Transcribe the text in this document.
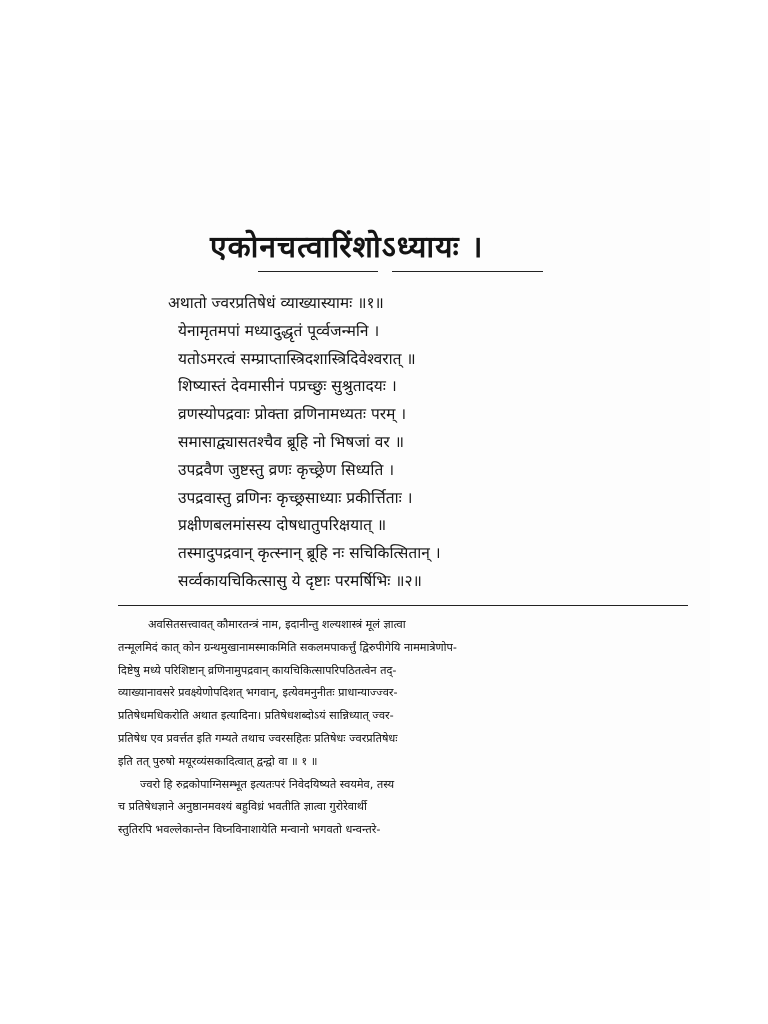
एकोनचत्वारिंशोऽध्यायः ।
अथातो ज्वरप्रतिषेधं व्याख्यास्यामः ॥१॥
येनामृतमपां मध्यादुद्धृतं पूर्व्वजन्मनि ।
यतोऽमरत्वं सम्प्राप्तास्त्रिदशास्त्रिदिवेश्वरात् ॥
शिष्यास्तं देवमासीनं पप्रच्छुः सुश्रुतादयः ।
व्रणस्योपद्रवाः प्रोक्ता व्रणिनामध्यतः परम् ।
समासाद्व्यासतश्चैव ब्रूहि नो भिषजां वर ॥
उपद्रवैण जुष्टस्तु व्रणः कृच्छ्रेण सिध्यति ।
उपद्रवास्तु व्रणिनः कृच्छ्रसाध्याः प्रकीर्त्तिताः ।
प्रक्षीणबलमांसस्य दोषधातुपरिक्षयात् ॥
तस्मादुपद्रवान् कृत्स्नान् ब्रूहि नः सचिकित्सितान् ।
सर्व्वकायचिकित्सासु ये दृष्टाः परमर्षिभिः ॥२॥
अवसितसत्त्वावत् कौमारतन्त्रं नाम, इदानीन्तु शल्यशास्त्रं मूलं ज्ञात्वा
तन्मूलमिदं कात् कोन ग्रन्थमुखानामस्माकमिति सकलमपाकर्त्तुं द्विरुपीगेयि नाममात्रेणोप-
दिष्टेषु मध्ये परिशिष्टान् व्रणिनामुपद्रवान् कायचिकित्सापरिपठितत्वेन तद्-
व्याख्यानावसरे प्रवक्ष्येणोपदिशत् भगवान्, इत्येवमनुनीतः प्राधान्याज्ज्वर-
प्रतिषेधमधिकरोति अथात इत्यादिना। प्रतिषेधशब्दोऽयं सान्निध्यात् ज्वर-
प्रतिषेध एव प्रवर्त्तत इति गम्यते तथाच ज्वरसहितः प्रतिषेधः ज्वरप्रतिषेधः
इति तत् पुरुषो मयूरव्यंसकादित्वात् द्वन्द्वो वा ॥ १ ॥
ज्वरो हि रुद्रकोपाग्निसम्भूत इत्यतःपरं निवेदयिष्यते स्वयमेव, तस्य
च प्रतिषेधज्ञाने अनुष्ठानमवश्यं बहुविध्रं भवतीति ज्ञात्वा गुरोरेवार्थी
स्तुतिरपि भवल्लेकान्तेन विघ्नविनाशायेति मन्वानो भगवतो धन्वन्तरे-
